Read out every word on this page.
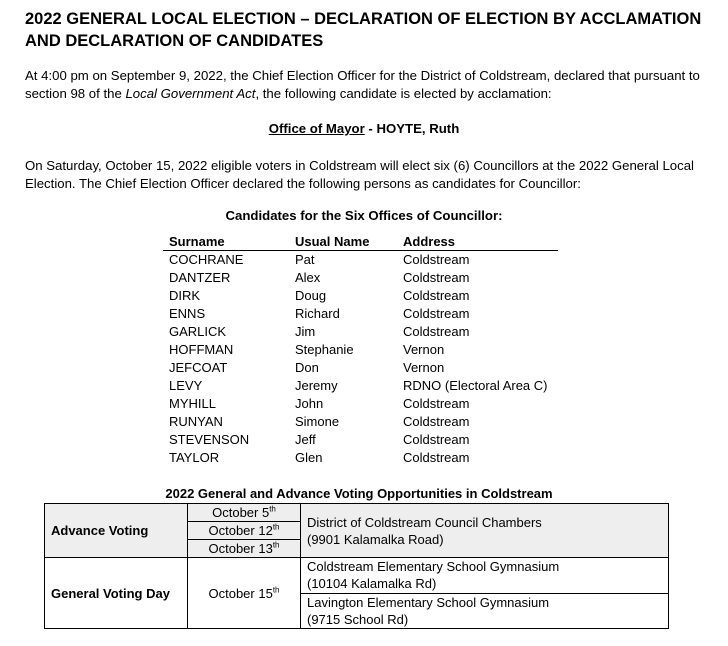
2022 GENERAL LOCAL ELECTION – DECLARATION OF ELECTION BY ACCLAMATION AND DECLARATION OF CANDIDATES
At 4:00 pm on September 9, 2022, the Chief Election Officer for the District of Coldstream, declared that pursuant to section 98 of the Local Government Act, the following candidate is elected by acclamation:
Office of Mayor - HOYTE, Ruth
On Saturday, October 15, 2022 eligible voters in Coldstream will elect six (6) Councillors at the 2022 General Local Election. The Chief Election Officer declared the following persons as candidates for Councillor:
Candidates for the Six Offices of Councillor:
Surname	Usual Name	Address
COCHRANE	Pat	Coldstream
DANTZER	Alex	Coldstream
DIRK	Doug	Coldstream
ENNS	Richard	Coldstream
GARLICK	Jim	Coldstream
HOFFMAN	Stephanie	Vernon
JEFCOAT	Don	Vernon
LEVY	Jeremy	RDNO (Electoral Area C)
MYHILL	John	Coldstream
RUNYAN	Simone	Coldstream
STEVENSON	Jeff	Coldstream
TAYLOR	Glen	Coldstream
2022 General and Advance Voting Opportunities in Coldstream
Advance Voting	October 5th	District of Coldstream Council Chambers
(9901 Kalamalka Road)

	October 12th
	October 13th
General Voting Day	October 15th	Coldstream Elementary School Gymnasium
(10104 Kalamalka Rd)

		Lavington Elementary School Gymnasium
(9715 School Rd)
